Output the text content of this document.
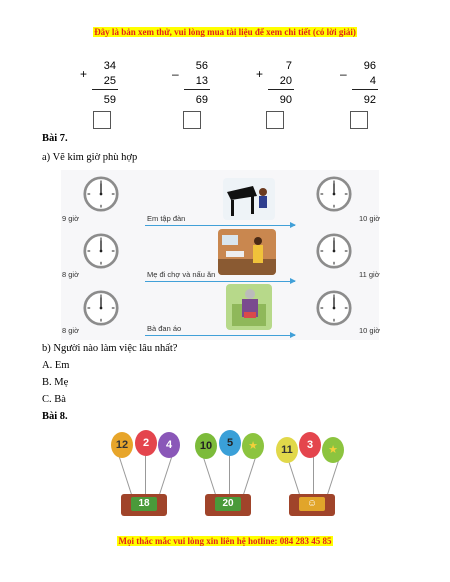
Đây là bản xem thử, vui lòng mua tài liệu để xem chi tiết (có lời giải)
+
34
25
59
–
56
13
69
+
7
20
90
–
96
4
92
Bài 7.
a) Vẽ kim giờ phù hợp
9 giờ	Em tập đàn	10 giờ
8 giờ	Mẹ đi chợ và nấu ăn	11 giờ
8 giờ	Bà đan áo	10 giờ
b) Người nào làm việc lâu nhất?
A. Em
B. Mẹ
C. Bà
Bài 8.
12	2	4
18
10	5	★
20
11	3	★
☺
Mọi thắc mắc vui lòng xin liên hệ hotline: 084 283 45 85
